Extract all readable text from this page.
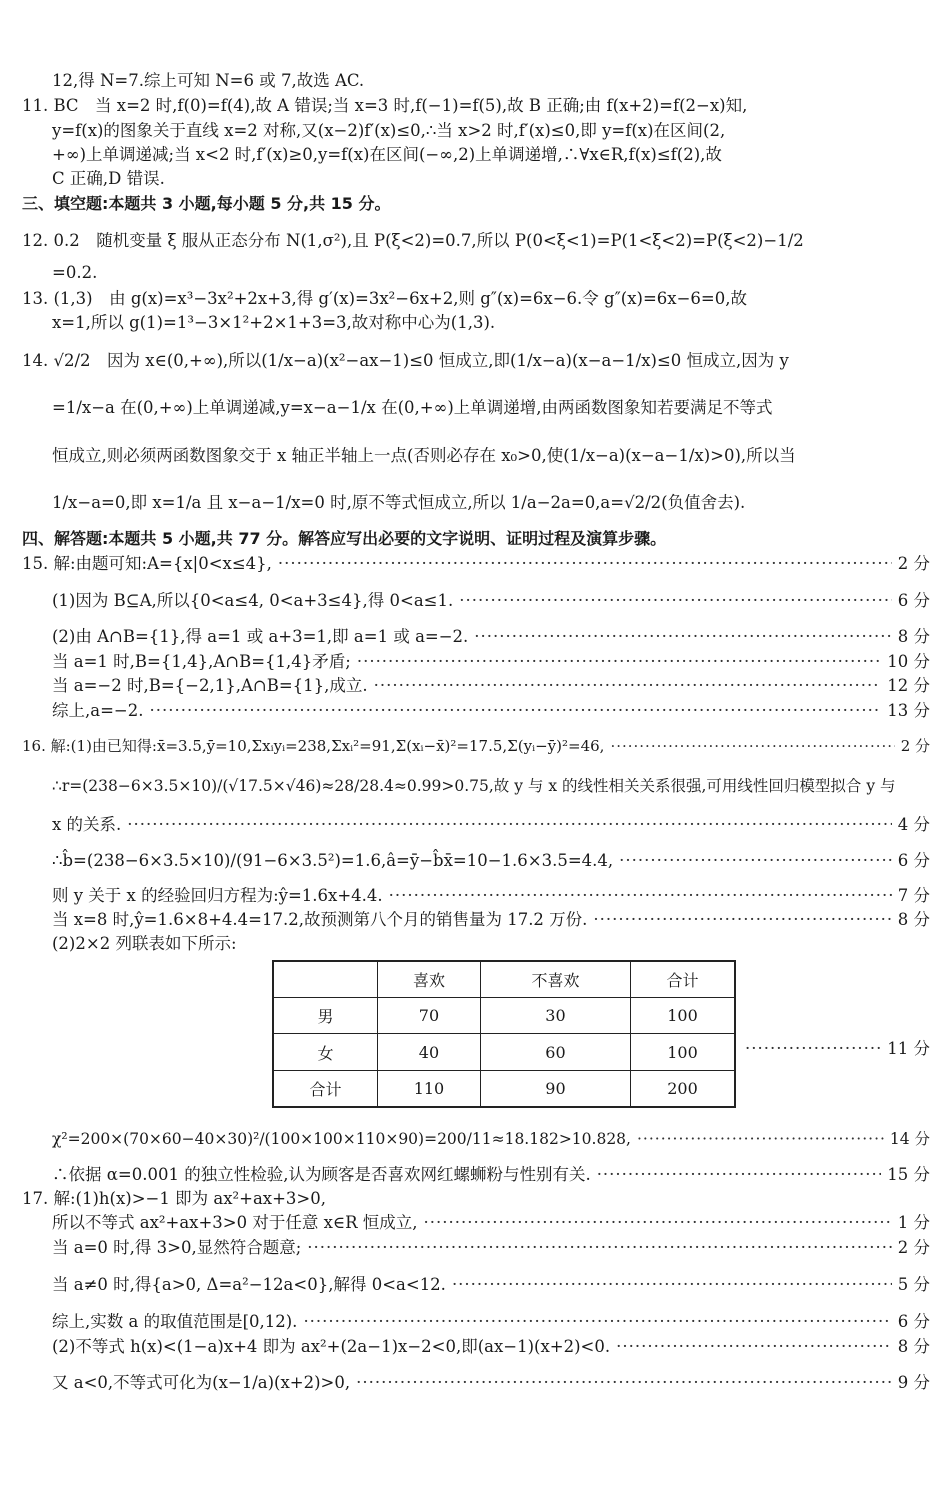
12,得 N=7.综上可知 N=6 或 7,故选 AC.
11. BC　当 x=2 时,f(0)=f(4),故 A 错误;当 x=3 时,f(−1)=f(5),故 B 正确;由 f(x+2)=f(2−x)知,
y=f(x)的图象关于直线 x=2 对称,又(x−2)f′(x)≤0,∴当 x>2 时,f′(x)≤0,即 y=f(x)在区间(2,
+∞)上单调递减;当 x<2 时,f′(x)≥0,y=f(x)在区间(−∞,2)上单调递增,∴∀x∈R,f(x)≤f(2),故
C 正确,D 错误.
三、填空题:本题共 3 小题,每小题 5 分,共 15 分。
12. 0.2　随机变量 ξ 服从正态分布 N(1,σ²),且 P(ξ<2)=0.7,所以 P(0<ξ<1)=P(1<ξ<2)=P(ξ<2)−1/2
=0.2.
13. (1,3)　由 g(x)=x³−3x²+2x+3,得 g′(x)=3x²−6x+2,则 g″(x)=6x−6.令 g″(x)=6x−6=0,故
x=1,所以 g(1)=1³−3×1²+2×1+3=3,故对称中心为(1,3).
14. √2/2　因为 x∈(0,+∞),所以(1/x−a)(x²−ax−1)≤0 恒成立,即(1/x−a)(x−a−1/x)≤0 恒成立,因为 y
=1/x−a 在(0,+∞)上单调递减,y=x−a−1/x 在(0,+∞)上单调递增,由两函数图象知若要满足不等式
恒成立,则必须两函数图象交于 x 轴正半轴上一点(否则必存在 x₀>0,使(1/x−a)(x−a−1/x)>0),所以当
1/x−a=0,即 x=1/a 且 x−a−1/x=0 时,原不等式恒成立,所以 1/a−2a=0,a=√2/2(负值舍去).
四、解答题:本题共 5 小题,共 77 分。解答应写出必要的文字说明、证明过程及演算步骤。
15. 解:由题可知:A={x|0<x≤4}, ·····	2 分
(1)因为 B⊆A,所以{0<a≤4, 0<a+3≤4},得 0<a≤1. ·····	6 分
(2)由 A∩B={1},得 a=1 或 a+3=1,即 a=1 或 a=−2. ·····	8 分
当 a=1 时,B={1,4},A∩B={1,4}矛盾; ·····	10 分
当 a=−2 时,B={−2,1},A∩B={1},成立. ·····	12 分
综上,a=−2. ·····	13 分
16. 解:(1)由已知得:x̄=3.5,ȳ=10,Σxᵢyᵢ=238,Σxᵢ²=91,Σ(xᵢ−x̄)²=17.5,Σ(yᵢ−ȳ)²=46, ·····	2 分
∴r=(238−6×3.5×10)/(√17.5×√46)≈28/28.4≈0.99>0.75,故 y 与 x 的线性相关关系很强,可用线性回归模型拟合 y 与
x 的关系. ·····	4 分
∴b̂=(238−6×3.5×10)/(91−6×3.5²)=1.6,â=ȳ−b̂x̄=10−1.6×3.5=4.4, ·····	6 分
则 y 关于 x 的经验回归方程为:ŷ=1.6x+4.4. ·····	7 分
当 x=8 时,ŷ=1.6×8+4.4=17.2,故预测第八个月的销售量为 17.2 万份. ·····	8 分
(2)2×2 列联表如下所示:
	喜欢	不喜欢	合计
男	70	30	100
女	40	60	100
合计	110	90	200
·····
11 分
χ²=200×(70×60−40×30)²/(100×100×110×90)=200/11≈18.182>10.828, ·····	14 分
∴依据 α=0.001 的独立性检验,认为顾客是否喜欢网红螺蛳粉与性别有关. ·····	15 分
17. 解:(1)h(x)>−1 即为 ax²+ax+3>0,
所以不等式 ax²+ax+3>0 对于任意 x∈R 恒成立, ·····	1 分
当 a=0 时,得 3>0,显然符合题意; ·····	2 分
当 a≠0 时,得{a>0, Δ=a²−12a<0},解得 0<a<12. ·····	5 分
综上,实数 a 的取值范围是[0,12). ·····	6 分
(2)不等式 h(x)<(1−a)x+4 即为 ax²+(2a−1)x−2<0,即(ax−1)(x+2)<0. ·····	8 分
又 a<0,不等式可化为(x−1/a)(x+2)>0, ·····	9 分
